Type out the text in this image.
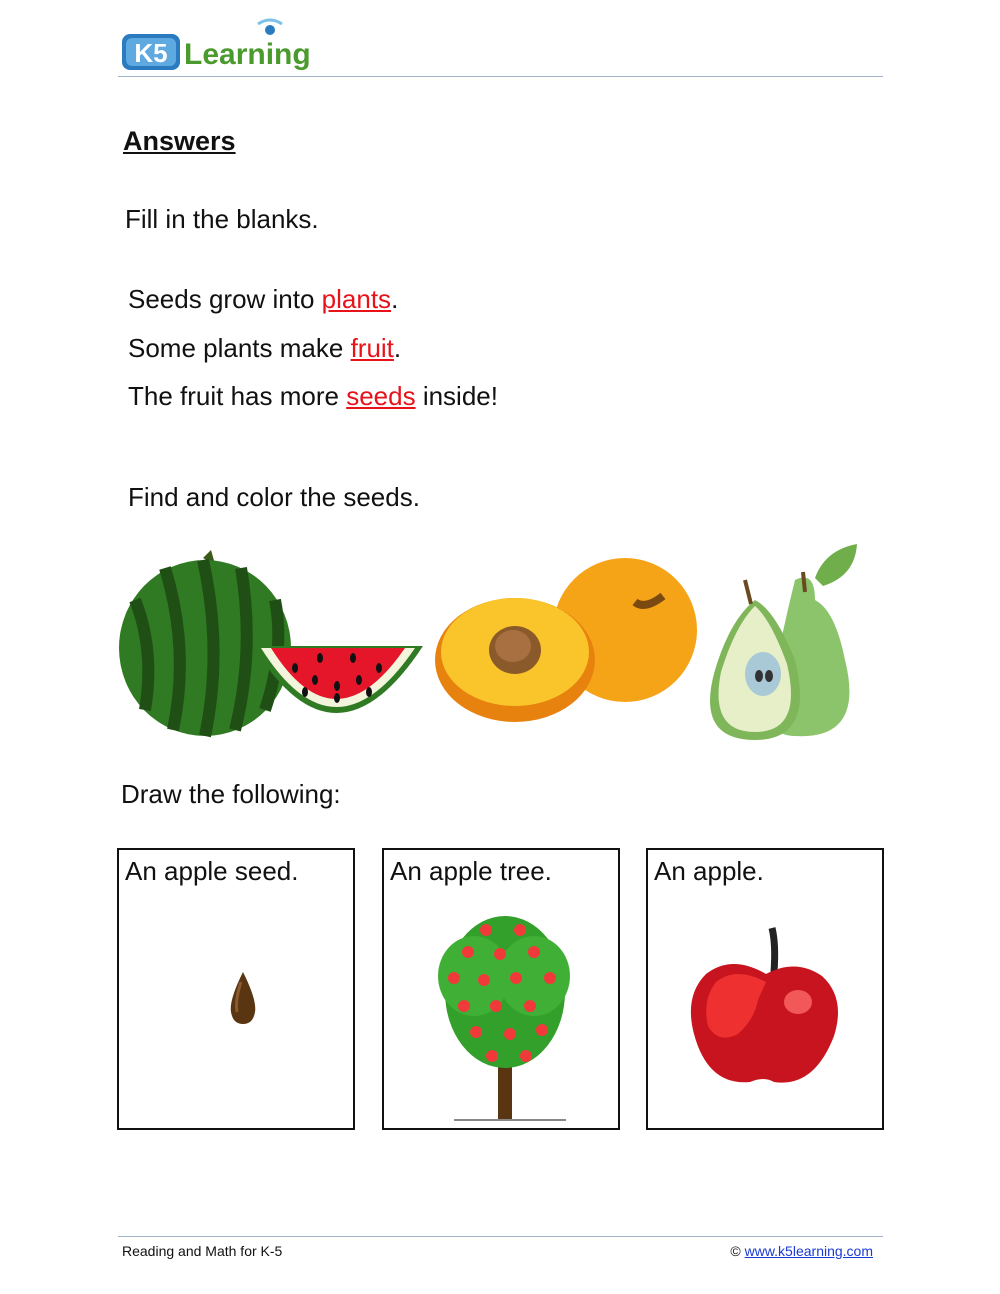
K5 Learning
Answers
Fill in the blanks.
Seeds grow into plants.
Some plants make fruit.
The fruit has more seeds inside!
Find and color the seeds.
Draw the following:
An apple seed.	An apple tree.	An apple.
Reading and Math for K-5	© www.k5learning.com
